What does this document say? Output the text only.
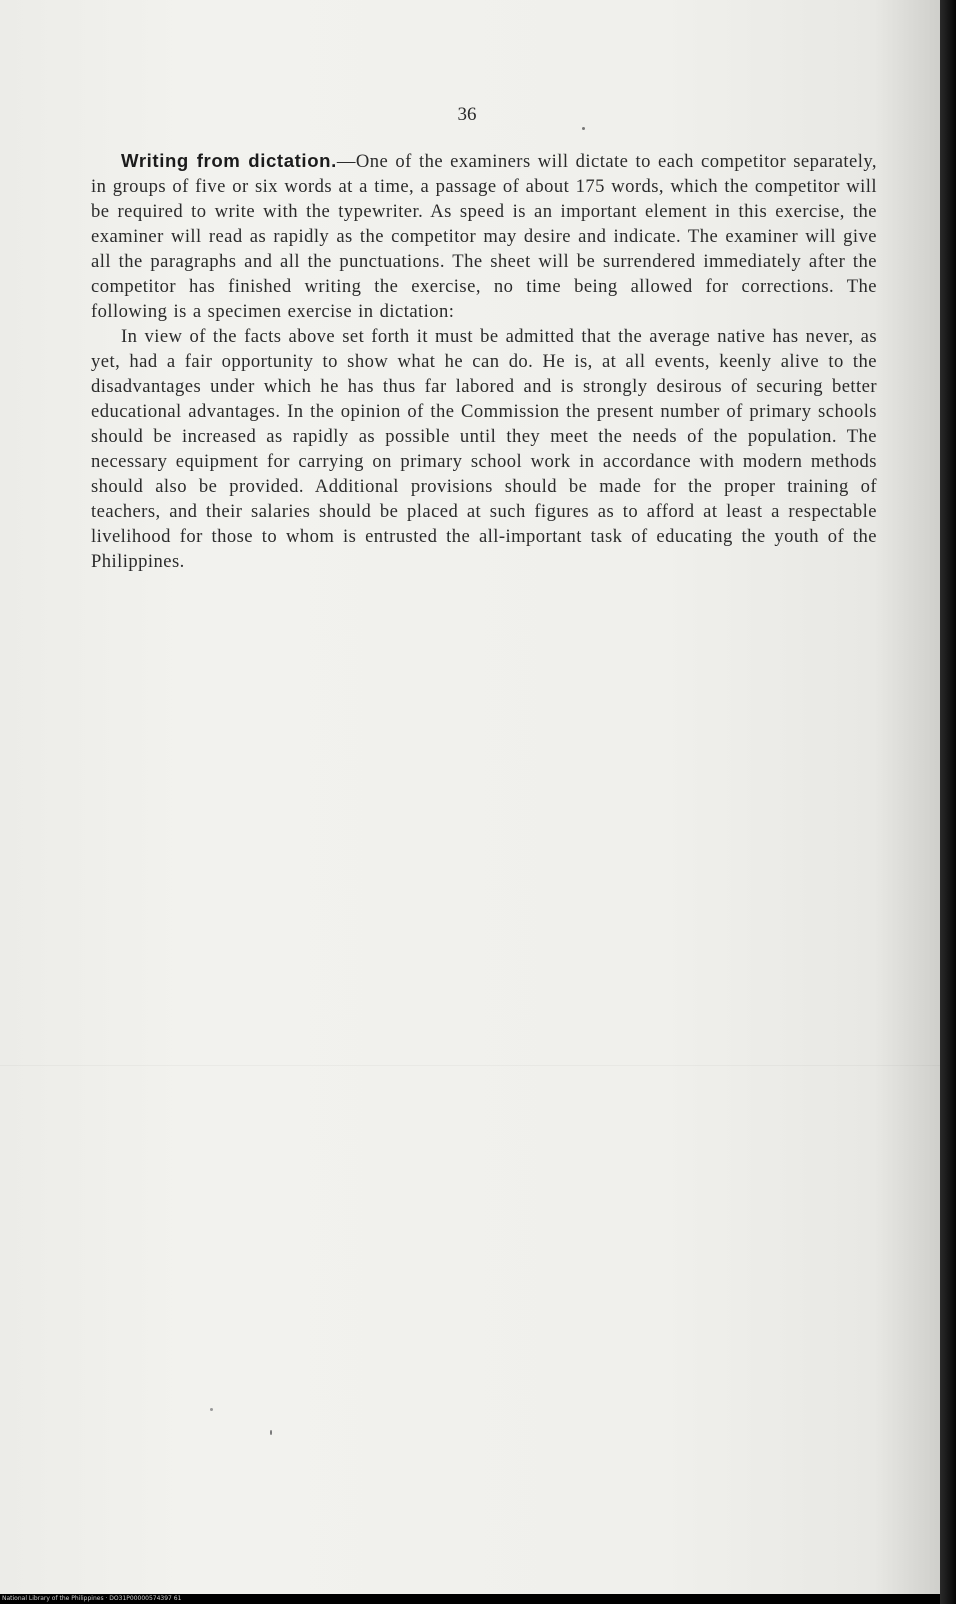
36

Writing from dictation.—One of the examiners will dictate to each competitor separately, in groups of five or six words at a time, a passage of about 175 words, which the competitor will be required to write with the typewriter. As speed is an important element in this exercise, the examiner will read as rapidly as the competitor may desire and indicate. The examiner will give all the paragraphs and all the punctuations. The sheet will be surrendered immediately after the competitor has finished writing the exercise, no time being allowed for corrections. The following is a specimen exercise in dictation:

In view of the facts above set forth it must be admitted that the average native has never, as yet, had a fair opportunity to show what he can do. He is, at all events, keenly alive to the disadvantages under which he has thus far labored and is strongly desirous of securing better educational advantages. In the opinion of the Commission the present number of primary schools should be increased as rapidly as possible until they meet the needs of the population. The necessary equipment for carrying on primary school work in accordance with modern methods should also be provided. Additional provisions should be made for the proper training of teachers, and their salaries should be placed at such figures as to afford at least a respectable livelihood for those to whom is entrusted the all-important task of educating the youth of the Philippines.

National Library of the Philippines · DO31P00000574397 61
